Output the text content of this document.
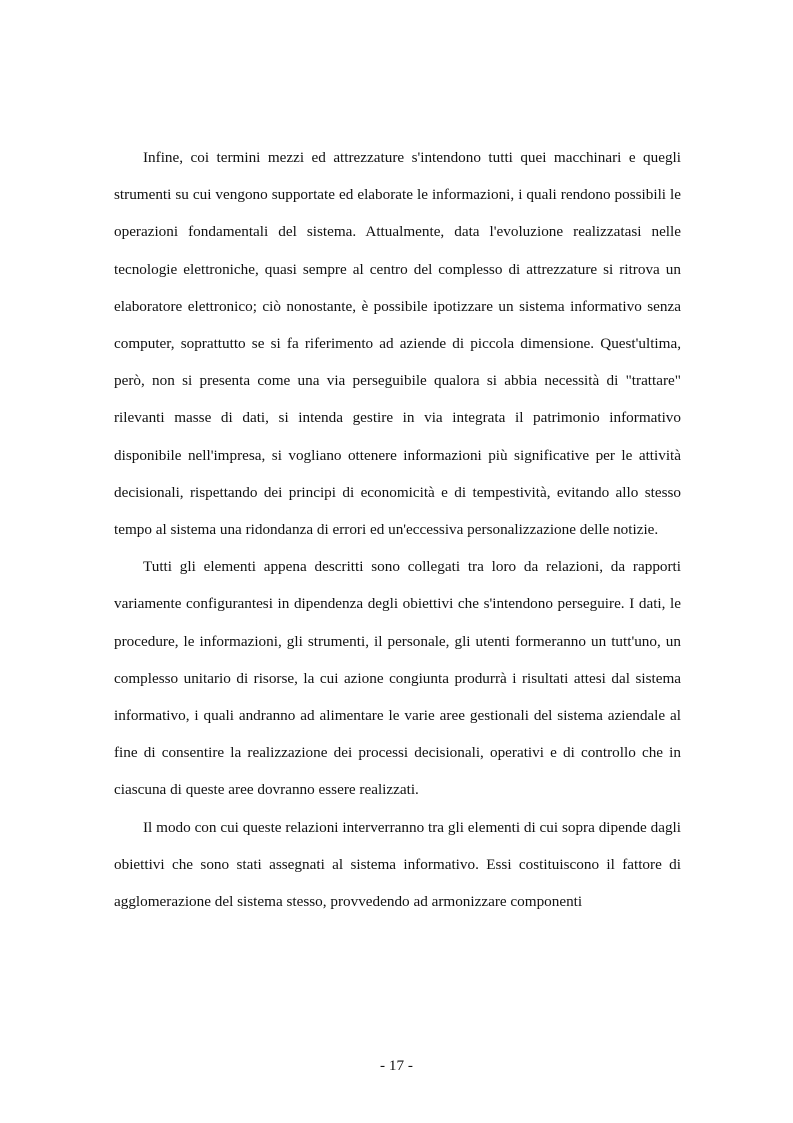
Infine, coi termini mezzi ed attrezzature s'intendono tutti quei macchinari e quegli strumenti su cui vengono supportate ed elaborate le informazioni, i quali rendono possibili le operazioni fondamentali del sistema. Attualmente, data l'evoluzione realizzatasi nelle tecnologie elettroniche, quasi sempre al centro del complesso di attrezzature si ritrova un elaboratore elettronico; ciò nonostante, è possibile ipotizzare un sistema informativo senza computer, soprattutto se si fa riferimento ad aziende di piccola dimensione. Quest'ultima, però, non si presenta come una via perseguibile qualora si abbia necessità di "trattare" rilevanti masse di dati, si intenda gestire in via integrata il patrimonio informativo disponibile nell'impresa, si vogliano ottenere informazioni più significative per le attività decisionali, rispettando dei principi di economicità e di tempestività, evitando allo stesso tempo al sistema una ridondanza di errori ed un'eccessiva personalizzazione delle notizie.

Tutti gli elementi appena descritti sono collegati tra loro da relazioni, da rapporti variamente configurantesi in dipendenza degli obiettivi che s'intendono perseguire. I dati, le procedure, le informazioni, gli strumenti, il personale, gli utenti formeranno un tutt'uno, un complesso unitario di risorse, la cui azione congiunta produrrà i risultati attesi dal sistema informativo, i quali andranno ad alimentare le varie aree gestionali del sistema aziendale al fine di consentire la realizzazione dei processi decisionali, operativi e di controllo che in ciascuna di queste aree dovranno essere realizzati.

Il modo con cui queste relazioni interverranno tra gli elementi di cui sopra dipende dagli obiettivi che sono stati assegnati al sistema informativo. Essi costituiscono il fattore di agglomerazione del sistema stesso, provvedendo ad armonizzare componenti

- 17 -
